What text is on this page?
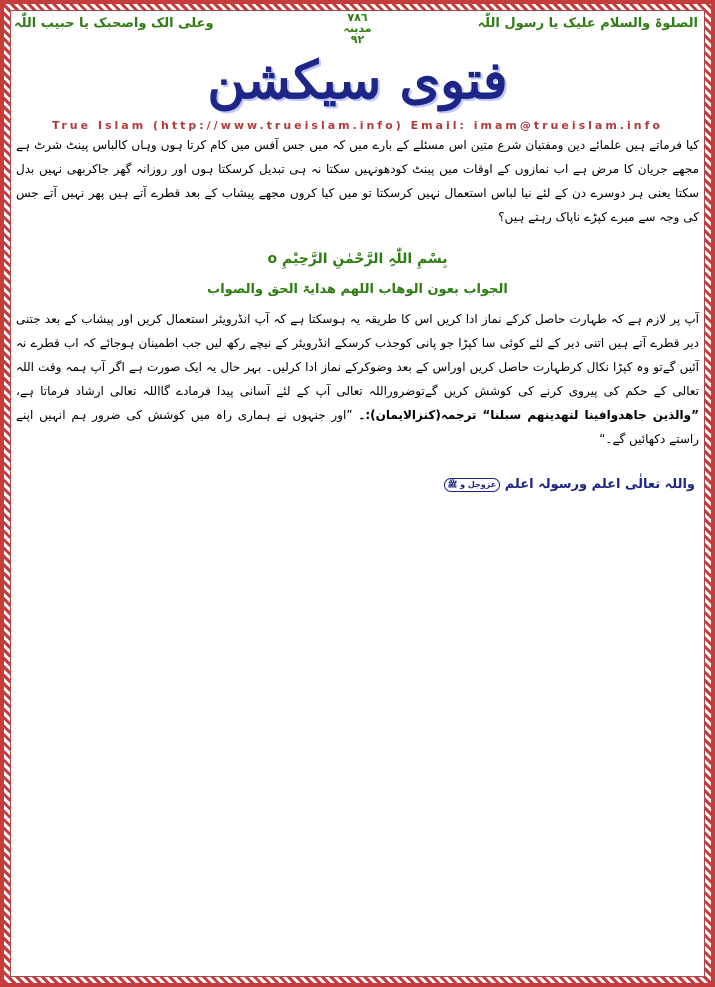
الصلوۃ والسلام علیک یا رسول اللّٰہ
٧٨٦
مدینہ
٩٢
وعلی الک واصحبک یا حبیب اللّٰہ
فتوی سیکشن
True Islam (http://www.trueislam.info) Email: imam@trueislam.info
کیا فرماتے ہیں علمائے دین ومفتیان شرع متین اس مسئلے کے بارے میں کہ میں جس آفس میں کام کرتا ہوں وہاں کالباس پینٹ شرٹ ہے مجھے جریان کا مرض ہے اب نمازوں کے اوقات میں پینٹ کودھونہیں سکتا نہ ہی تبدیل کرسکتا ہوں اور روزانہ گھر جاکربھی نہیں بدل سکتا یعنی ہر دوسرے دن کے لئے نیا لباس استعمال نہیں کرسکتا تو میں کیا کروں مجھے پیشاب کے بعد قطرے آتے ہیں پھر نہیں آتے جس کی وجہ سے میرے کپڑے ناپاک رہتے ہیں؟
بِسْمِ اللّٰہِ الرَّحْمٰنِ الرَّحِیْمِ o
الجواب بعون الوھاب اللھم ھدایۃ الحق والصواب
آپ پر لازم ہے کہ طہارت حاصل کرکے نماز ادا کریں اس کا طریقہ یہ ہوسکتا ہے کہ آپ انڈرویئر استعمال کریں اور پیشاب کے بعد جتنی دیر قطرے آتے ہیں اتنی دیر کے لئے کوئی سا کپڑا جو پانی کوجذب کرسکے انڈرویئر کے نیچے رکھ لیں جب اطمینان ہوجائے کہ اب قطرے نہ آئیں گےتو وہ کپڑا نکال کرطہارت حاصل کریں اوراس کے بعد وضوکرکے نماز ادا کرلیں۔ بہر حال یہ ایک صورت ہے اگر آپ ہمہ وقت اللہ تعالی کے حکم کی پیروی کرنے کی کوشش کریں گےتوضروراللہ تعالی آپ کے لئے آسانی پیدا فرمادے گااللہ تعالی ارشاد فرماتا ہے، ”والذین جاھدوافینا لنھدینھم سبلنا“ ترجمہ(کنزالایمان):۔ ”اور جنہوں نے ہماری راہ میں کوشش کی ضرور ہم انہیں اپنے راستے دکھائیں گے۔“
واللہ تعالٰی اعلم ورسولہ اعلم عزوجل و ﷺ
